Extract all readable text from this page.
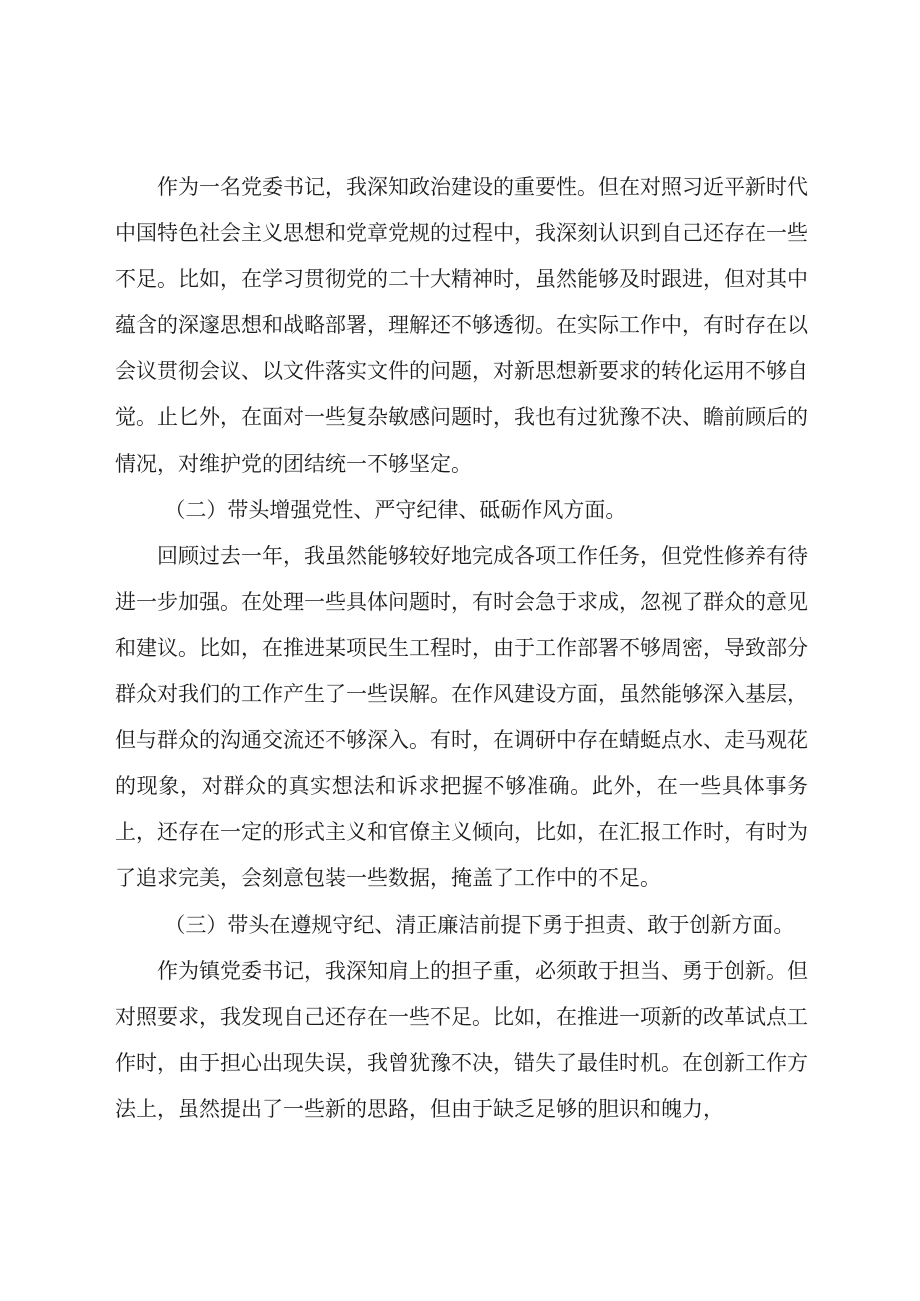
作为一名党委书记，我深知政治建设的重要性。但在对照习近平新时代中国特色社会主义思想和党章党规的过程中，我深刻认识到自己还存在一些不足。比如，在学习贯彻党的二十大精神时，虽然能够及时跟进，但对其中蕴含的深邃思想和战略部署，理解还不够透彻。在实际工作中，有时存在以会议贯彻会议、以文件落实文件的问题，对新思想新要求的转化运用不够自觉。止匕外，在面对一些复杂敏感问题时，我也有过犹豫不决、瞻前顾后的情况，对维护党的团结统一不够坚定。

（二）带头增强党性、严守纪律、砥砺作风方面。

回顾过去一年，我虽然能够较好地完成各项工作任务，但党性修养有待进一步加强。在处理一些具体问题时，有时会急于求成，忽视了群众的意见和建议。比如，在推进某项民生工程时，由于工作部署不够周密，导致部分群众对我们的工作产生了一些误解。在作风建设方面，虽然能够深入基层，但与群众的沟通交流还不够深入。有时，在调研中存在蜻蜓点水、走马观花的现象，对群众的真实想法和诉求把握不够准确。此外，在一些具体事务上，还存在一定的形式主义和官僚主义倾向，比如，在汇报工作时，有时为了追求完美，会刻意包装一些数据，掩盖了工作中的不足。

（三）带头在遵规守纪、清正廉洁前提下勇于担责、敢于创新方面。

作为镇党委书记，我深知肩上的担子重，必须敢于担当、勇于创新。但对照要求，我发现自己还存在一些不足。比如，在推进一项新的改革试点工作时，由于担心出现失误，我曾犹豫不决，错失了最佳时机。在创新工作方法上，虽然提出了一些新的思路，但由于缺乏足够的胆识和魄力，
